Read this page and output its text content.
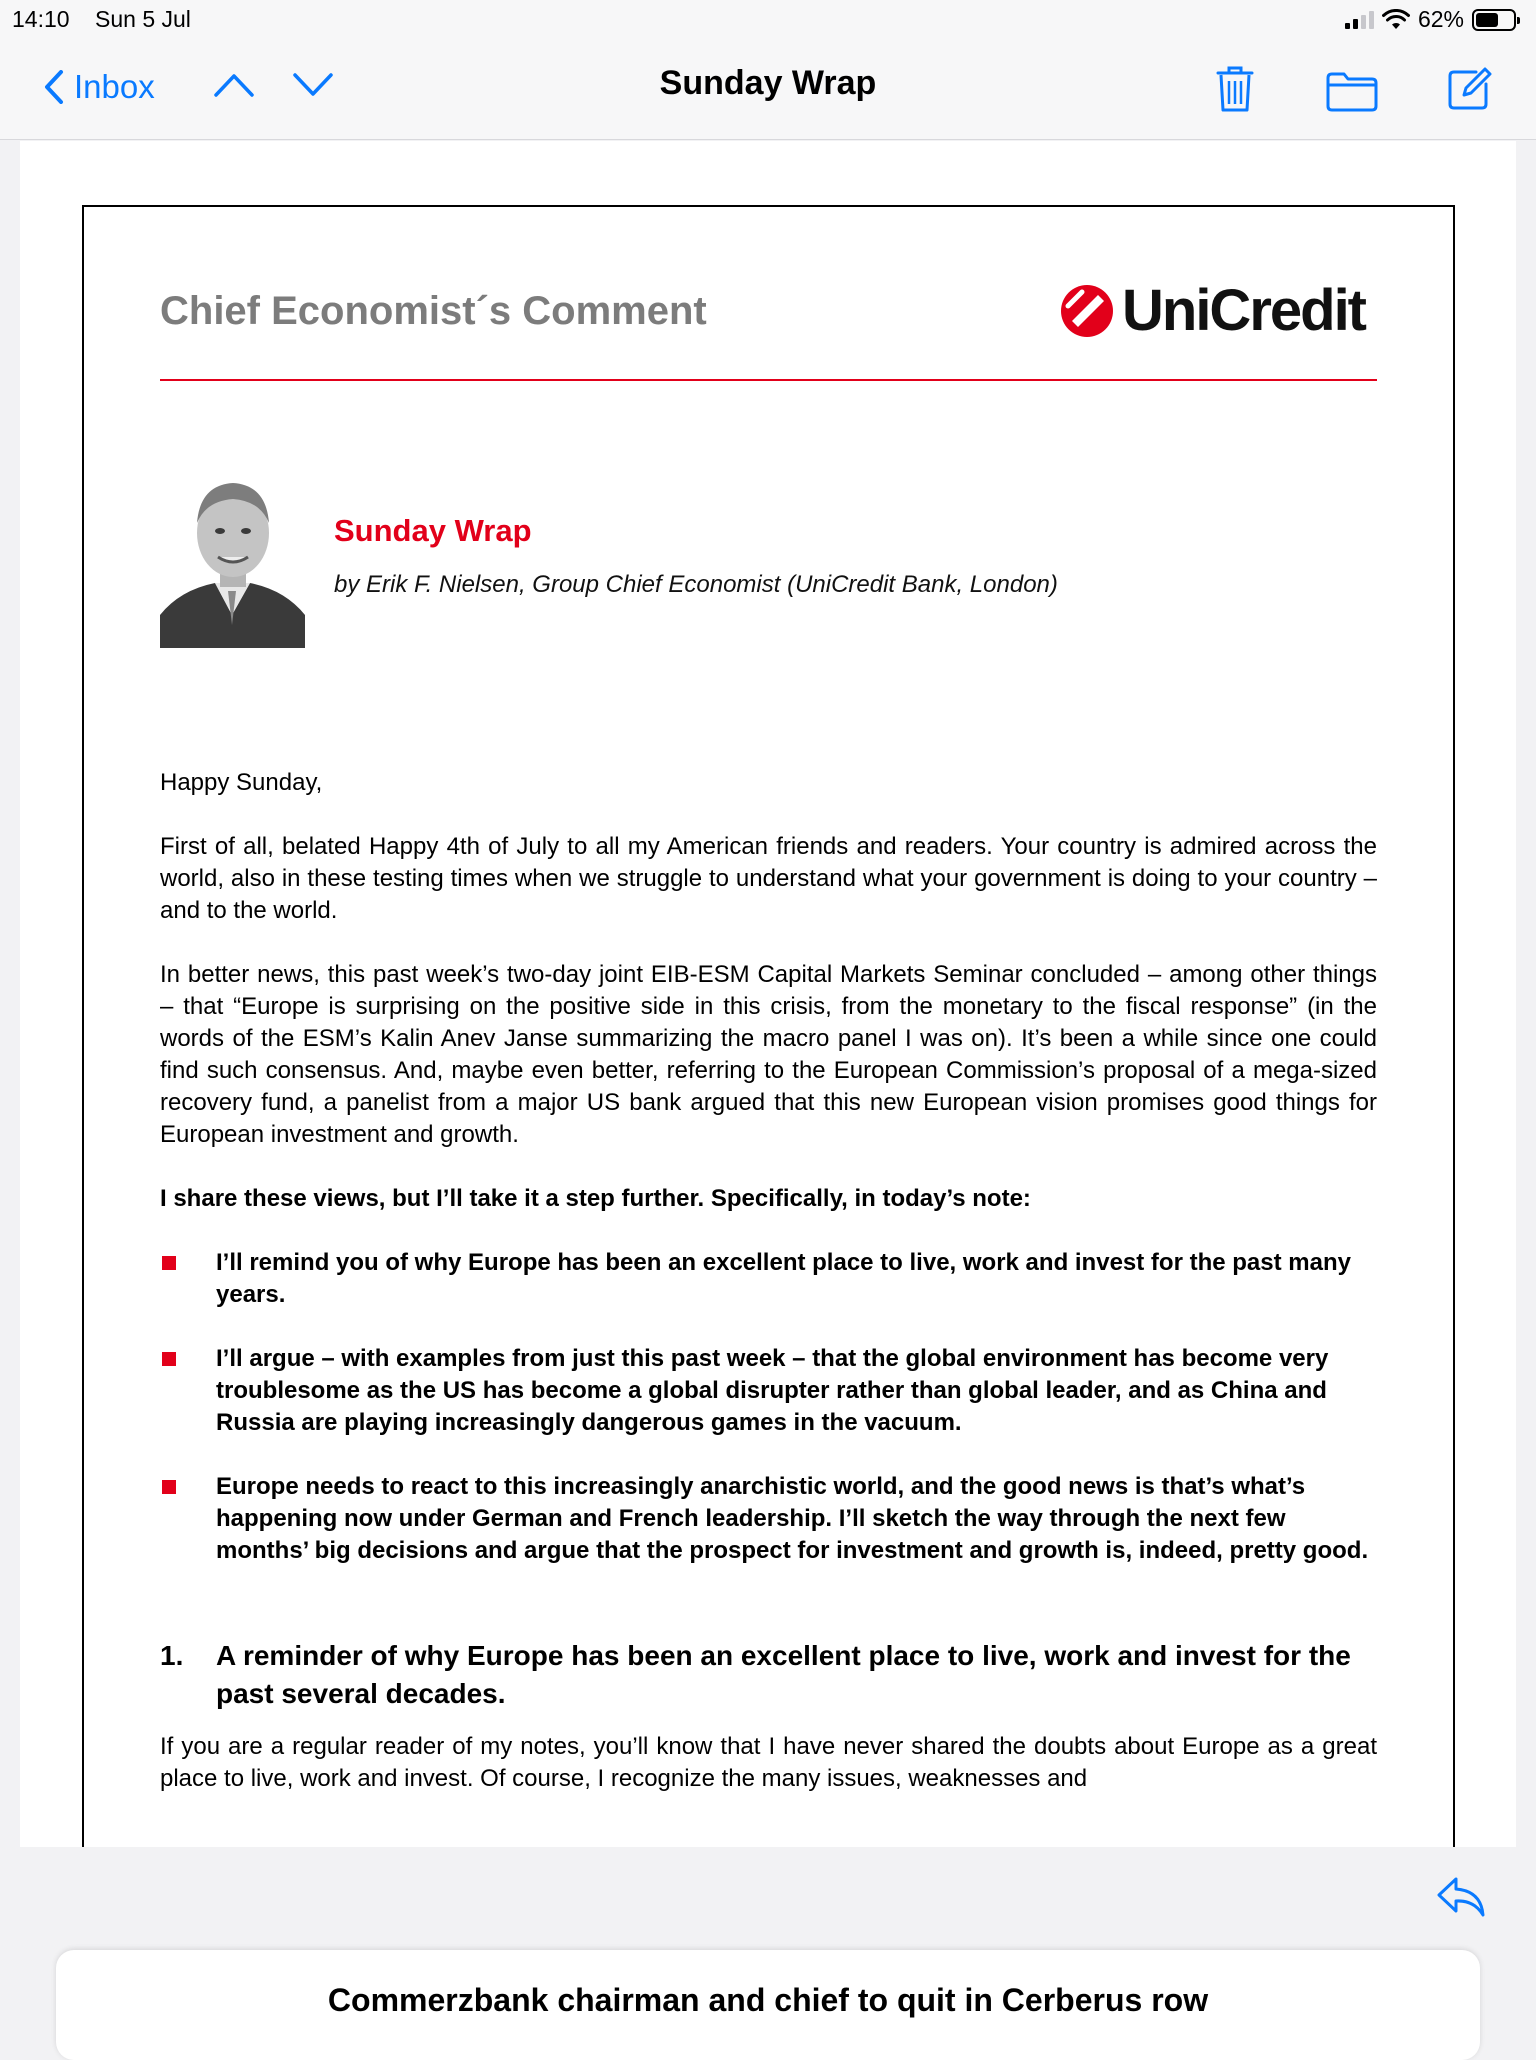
14:10 Sun 5 Jul	62%
Inbox	Sunday Wrap
Chief Economist´s Comment	UniCredit
Sunday Wrap
by Erik F. Nielsen, Group Chief Economist (UniCredit Bank, London)

Happy Sunday,

First of all, belated Happy 4th of July to all my American friends and readers. Your country is admired across the world, also in these testing times when we struggle to understand what your government is doing to your country – and to the world.

In better news, this past week’s two-day joint EIB-ESM Capital Markets Seminar concluded – among other things – that “Europe is surprising on the positive side in this crisis, from the monetary to the fiscal response” (in the words of the ESM’s Kalin Anev Janse summarizing the macro panel I was on). It’s been a while since one could find such consensus. And, maybe even better, referring to the European Commission’s proposal of a mega-sized recovery fund, a panelist from a major US bank argued that this new European vision promises good things for European investment and growth.

I share these views, but I’ll take it a step further. Specifically, in today’s note:

I’ll remind you of why Europe has been an excellent place to live, work and invest for the past many years.
I’ll argue – with examples from just this past week – that the global environment has become very troublesome as the US has become a global disrupter rather than global leader, and as China and Russia are playing increasingly dangerous games in the vacuum.
Europe needs to react to this increasingly anarchistic world, and the good news is that’s what’s happening now under German and French leadership. I’ll sketch the way through the next few months’ big decisions and argue that the prospect for investment and growth is, indeed, pretty good.
1. A reminder of why Europe has been an excellent place to live, work and invest for the past several decades.

If you are a regular reader of my notes, you’ll know that I have never shared the doubts about Europe as a great place to live, work and invest. Of course, I recognize the many issues, weaknesses and

Commerzbank chairman and chief to quit in Cerberus row
